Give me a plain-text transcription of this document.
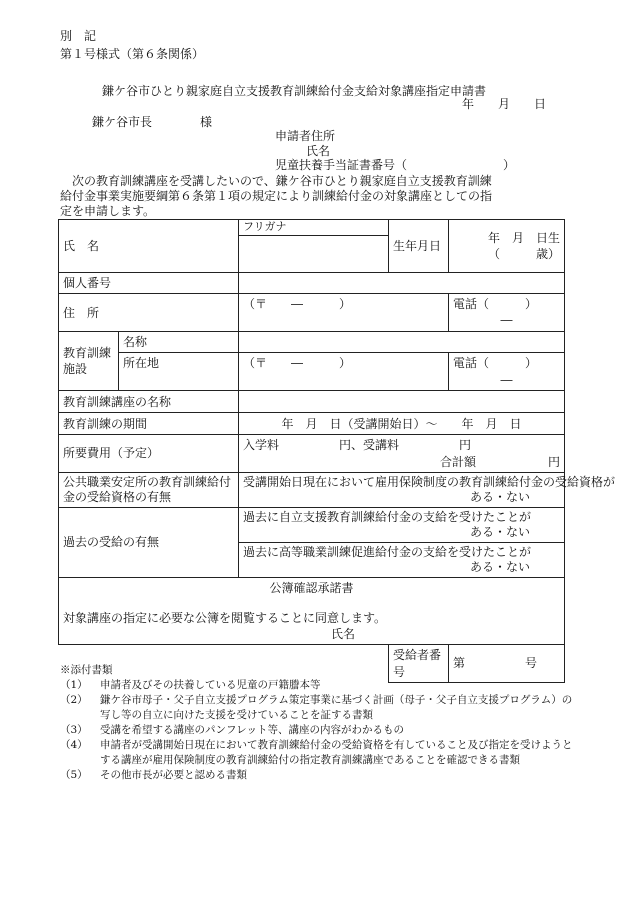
別　記
第１号様式（第６条関係）
鎌ケ谷市ひとり親家庭自立支援教育訓練給付金支給対象講座指定申請書
年　　月　　日
鎌ケ谷市長　　　　様
申請者住所
氏名
児童扶養手当証書番号（　　　　　　　　）
　次の教育訓練講座を受講したいので、鎌ケ谷市ひとり親家庭自立支援教育訓練
給付金事業実施要綱第６条第１項の規定により訓練給付金の対象講座としての指
定を申請します。
氏　名		フリガナ	生年月日	年　月　日生
（　　　歳）

個人番号				
住　所		（〒　　―　　　）		電話（　　　）
―

教育訓練施設	名称			
	所在地	（〒　　―　　　）		電話（　　　）
―

教育訓練講座の名称				
教育訓練の期間		年　月　日（受講開始日）～　　年　月　日		
所要費用（予定）		入学料　　　　　円、受講料　　　　　円
合計額　　　　　　円		

公共職業安定所の教育訓練給付金の受給資格の有無		受講開始日現在において雇用保険制度の教育訓練給付金の受給資格が
ある・ない		

過去の受給の有無		過去に自立支援教育訓練給付金の支給を受けたことが
ある・ない		

		過去に高等職業訓練促進給付金の支給を受けたことが
ある・ない		

公簿確認承諾書
対象講座の指定に必要な公簿を閲覧することに同意します。
氏名				

			受給者番号	第　　　　　号
※添付書類
（1）	申請者及びその扶養している児童の戸籍謄本等
（2）	鎌ケ谷市母子・父子自立支援プログラム策定事業に基づく計画（母子・父子自立支援プログラム）の写し等の自立に向けた支援を受けていることを証する書類
（3）	受講を希望する講座のパンフレット等、講座の内容がわかるもの
（4）	申請者が受講開始日現在において教育訓練給付金の受給資格を有していること及び指定を受けようとする講座が雇用保険制度の教育訓練給付の指定教育訓練講座であることを確認できる書類
（5）	その他市長が必要と認める書類
